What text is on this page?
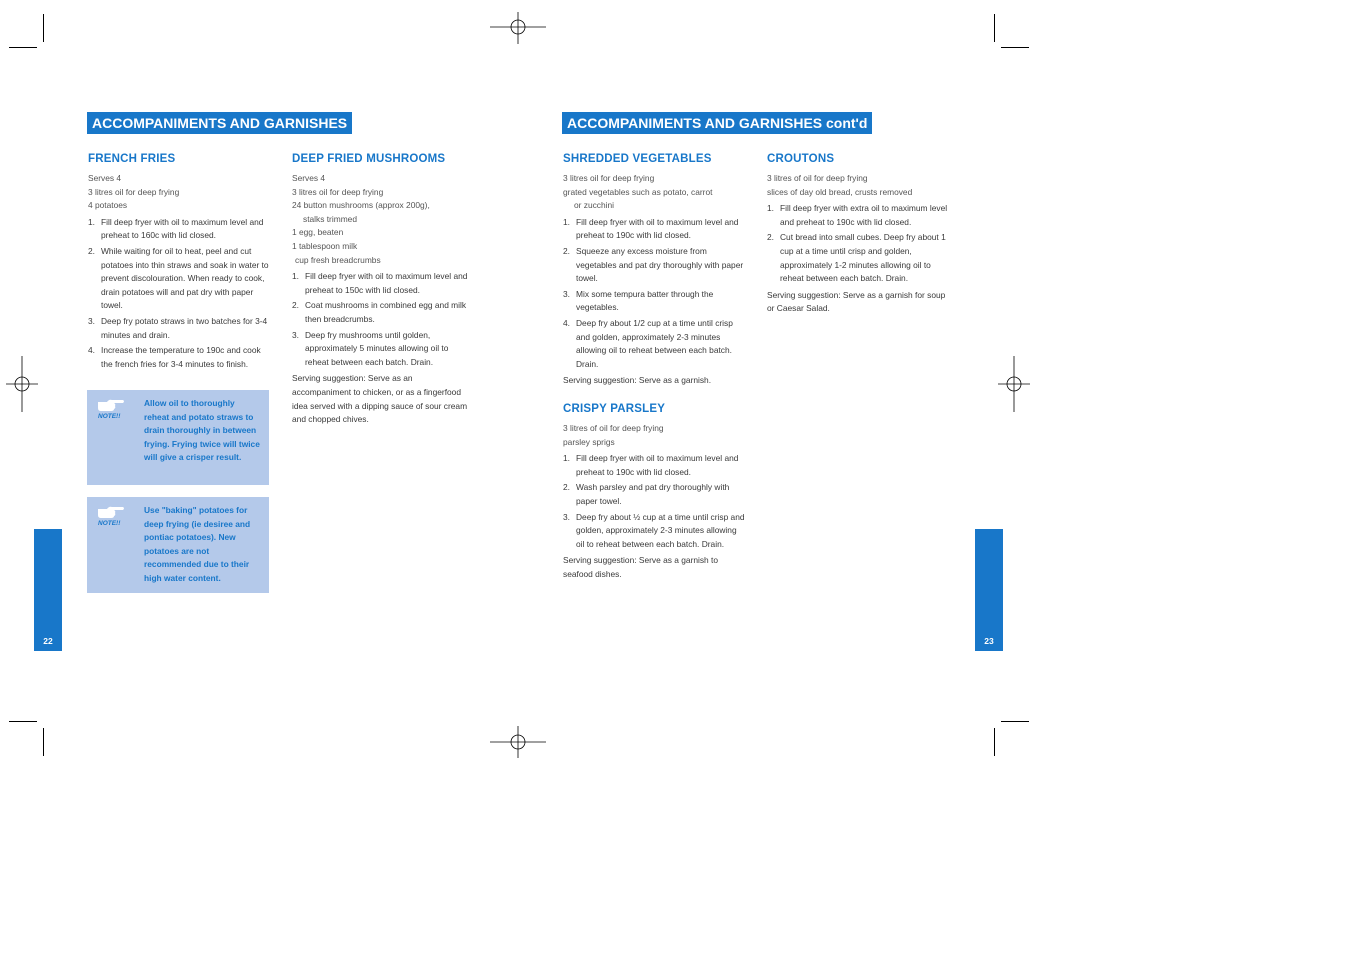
ACCOMPANIMENTS AND GARNISHES
FRENCH FRIES
Serves 4
3 litres oil for deep frying
4 potatoes
1. Fill deep fryer with oil to maximum level and preheat to 160c with lid closed.
2. While waiting for oil to heat, peel and cut potatoes into thin straws and soak in water to prevent discolouration. When ready to cook, drain potatoes will and pat dry with paper towel.
3. Deep fry potato straws in two batches for 3-4 minutes and drain.
4. Increase the temperature to 190c and cook the french fries for 3-4 minutes to finish.
NOTE!!
Allow oil to thoroughly reheat and potato straws to drain thoroughly in between frying. Frying twice will twice will give a crisper result.
NOTE!!
Use "baking" potatoes for deep frying (ie desiree and pontiac potatoes). New potatoes are not recommended due to their high water content.
DEEP FRIED MUSHROOMS
Serves 4
3 litres oil for deep frying
24 button mushrooms (approx 200g),
stalks trimmed
1 egg, beaten
1 tablespoon milk
cup fresh breadcrumbs
1. Fill deep fryer with oil to maximum level and preheat to 150c with lid closed.
2. Coat mushrooms in combined egg and milk then breadcrumbs.
3. Deep fry mushrooms until golden, approximately 5 minutes allowing oil to reheat between each batch. Drain.

Serving suggestion: Serve as an accompaniment to chicken, or as a fingerfood idea served with a dipping sauce of sour cream and chopped chives.

22
ACCOMPANIMENTS AND GARNISHES cont'd
SHREDDED VEGETABLES
3 litres oil for deep frying
grated vegetables such as potato, carrot
or zucchini
1. Fill deep fryer with oil to maximum level and preheat to 190c with lid closed.
2. Squeeze any excess moisture from vegetables and pat dry thoroughly with paper towel.
3. Mix some tempura batter through the vegetables.
4. Deep fry about 1/2 cup at a time until crisp and golden, approximately 2-3 minutes allowing oil to reheat between each batch. Drain.

Serving suggestion: Serve as a garnish.

CRISPY PARSLEY
3 litres of oil for deep frying
parsley sprigs
1. Fill deep fryer with oil to maximum level and preheat to 190c with lid closed.
2. Wash parsley and pat dry thoroughly with paper towel.
3. Deep fry about ½ cup at a time until crisp and golden, approximately 2-3 minutes allowing oil to reheat between each batch. Drain.

Serving suggestion: Serve as a garnish to seafood dishes.

CROUTONS
3 litres of oil for deep frying
slices of day old bread, crusts removed
1. Fill deep fryer with extra oil to maximum level and preheat to 190c with lid closed.
2. Cut bread into small cubes. Deep fry about 1 cup at a time until crisp and golden, approximately 1-2 minutes allowing oil to reheat between each batch. Drain.

Serving suggestion: Serve as a garnish for soup or Caesar Salad.

23
